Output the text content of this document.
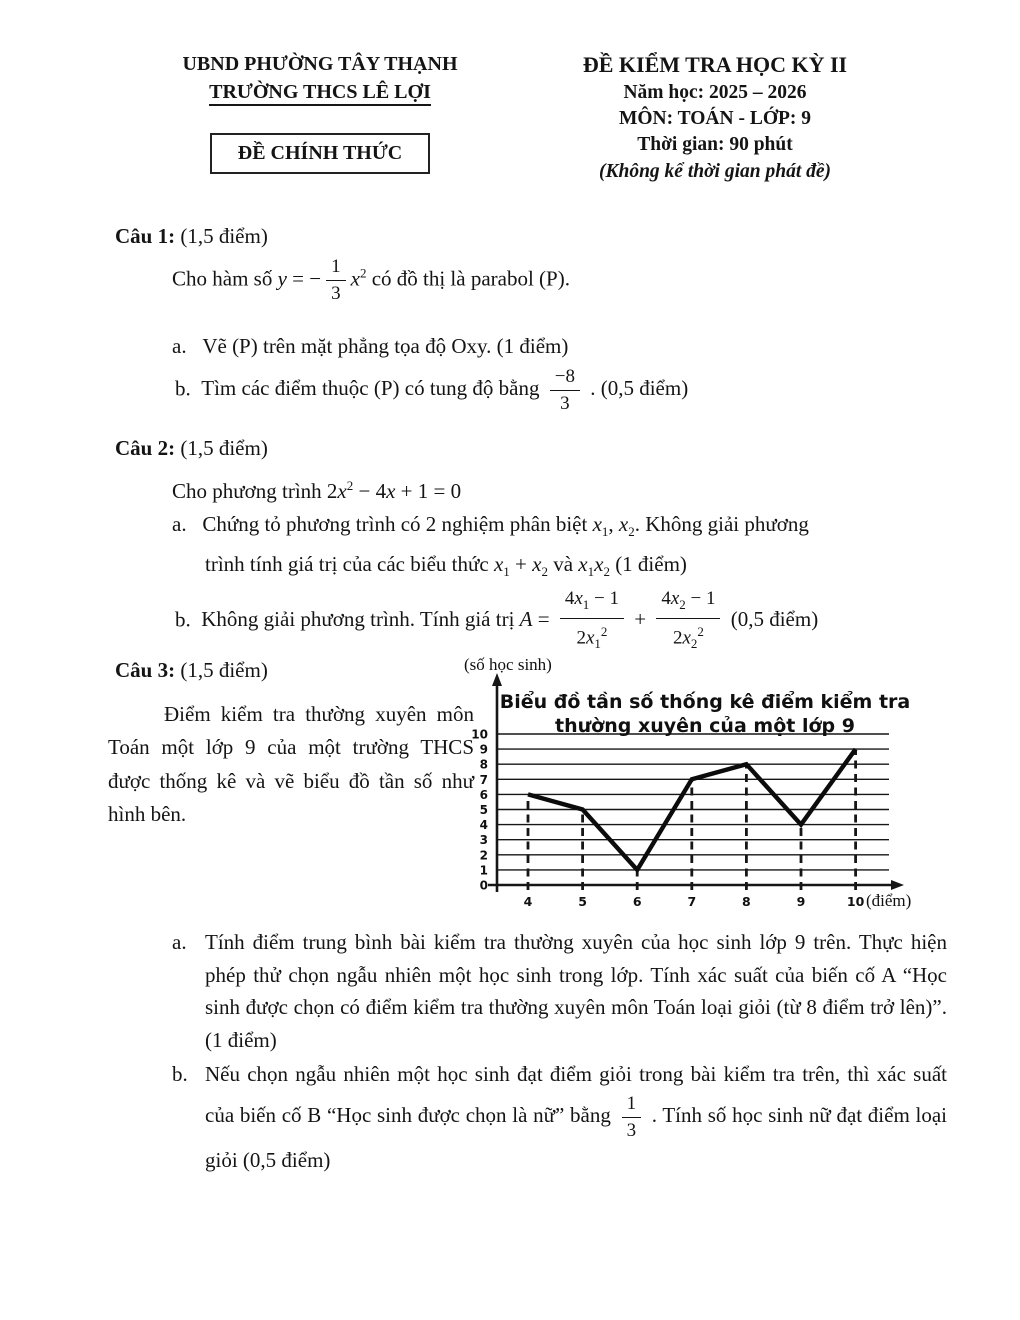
UBND PHƯỜNG TÂY THẠNH
TRƯỜNG THCS LÊ LỢI
ĐỀ CHÍNH THỨC
ĐỀ KIỂM TRA HỌC KỲ II
Năm học: 2025 – 2026
MÔN: TOÁN - LỚP: 9
Thời gian: 90 phút
(Không kể thời gian phát đề)
Câu 1: (1,5 điểm)
Cho hàm số y = − $\frac{1}{3} x^2$ có đồ thị là parabol (P).
a. Vẽ (P) trên mặt phẳng tọa độ Oxy. (1 điểm)
b. Tìm các điểm thuộc (P) có tung độ bằng $\frac{-8}{3}$ . (0,5 điểm)
Câu 2: (1,5 điểm)
Cho phương trình $2x^2 - 4x + 1 = 0$
a. Chứng tỏ phương trình có 2 nghiệm phân biệt $x_1$, $x_2$. Không giải phương
trình tính giá trị của các biểu thức $x_1 + x_2$ và $x_1x_2$ (1 điểm)
b. Không giải phương trình. Tính giá trị $A = \frac{4x_1 - 1}{2x_1^2} + \frac{4x_2 - 1}{2x_2^2} (0,5$ điểm)
Câu 3: (1,5 điểm)
Điểm kiểm tra thường xuyên môn Toán một lớp 9 của một trường THCS được thống kê và vẽ biểu đồ tần số như hình bên.
0
1
2
3
4
5
6
7
8
9
10
4	5	6	7	8	9	10
Biểu đồ tần số thống kê điểm kiểm tra
thường xuyên của một lớp 9
(số học sinh)
(điểm)
a. Tính điểm trung bình bài kiểm tra thường xuyên của học sinh lớp 9 trên. Thực hiện phép thử chọn ngẫu nhiên một học sinh trong lớp. Tính xác suất của biến cố A “Học sinh được chọn có điểm kiểm tra thường xuyên môn Toán loại giỏi (từ 8 điểm trở lên)”. (1 điểm)
b. Nếu chọn ngẫu nhiên một học sinh đạt điểm giỏi trong bài kiểm tra trên, thì xác suất của biến cố B “Học sinh được chọn là nữ” bằng $\frac{1}{3}$ . Tính số học sinh nữ đạt điểm loại giỏi (0,5 điểm)
